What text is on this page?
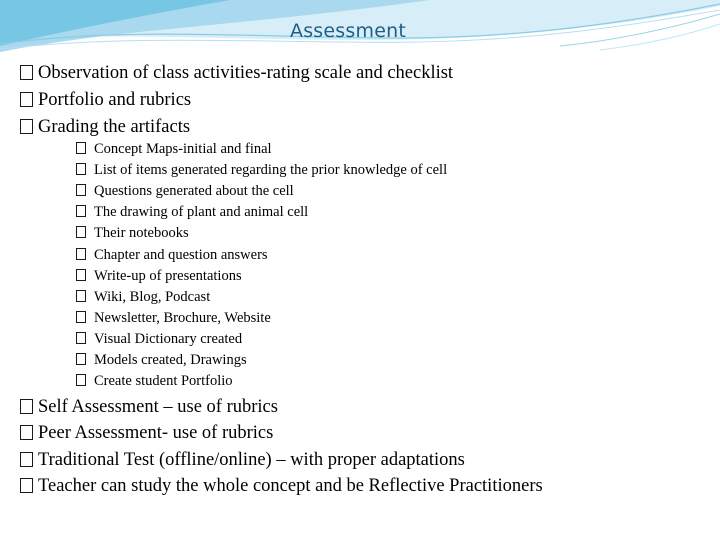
Assessment
Observation of class activities-rating scale and checklist
Portfolio and rubrics
Grading the artifacts
Concept Maps-initial and final
List of items generated regarding the prior knowledge of cell
Questions generated about the cell
The drawing of plant and animal cell
Their notebooks
Chapter and question answers
Write-up of presentations
Wiki, Blog, Podcast
Newsletter, Brochure, Website
Visual Dictionary created
Models created, Drawings
Create student Portfolio
Self Assessment – use of rubrics
Peer Assessment- use of rubrics
Traditional Test (offline/online) – with proper adaptations
Teacher can study the whole concept and be Reflective Practitioners
